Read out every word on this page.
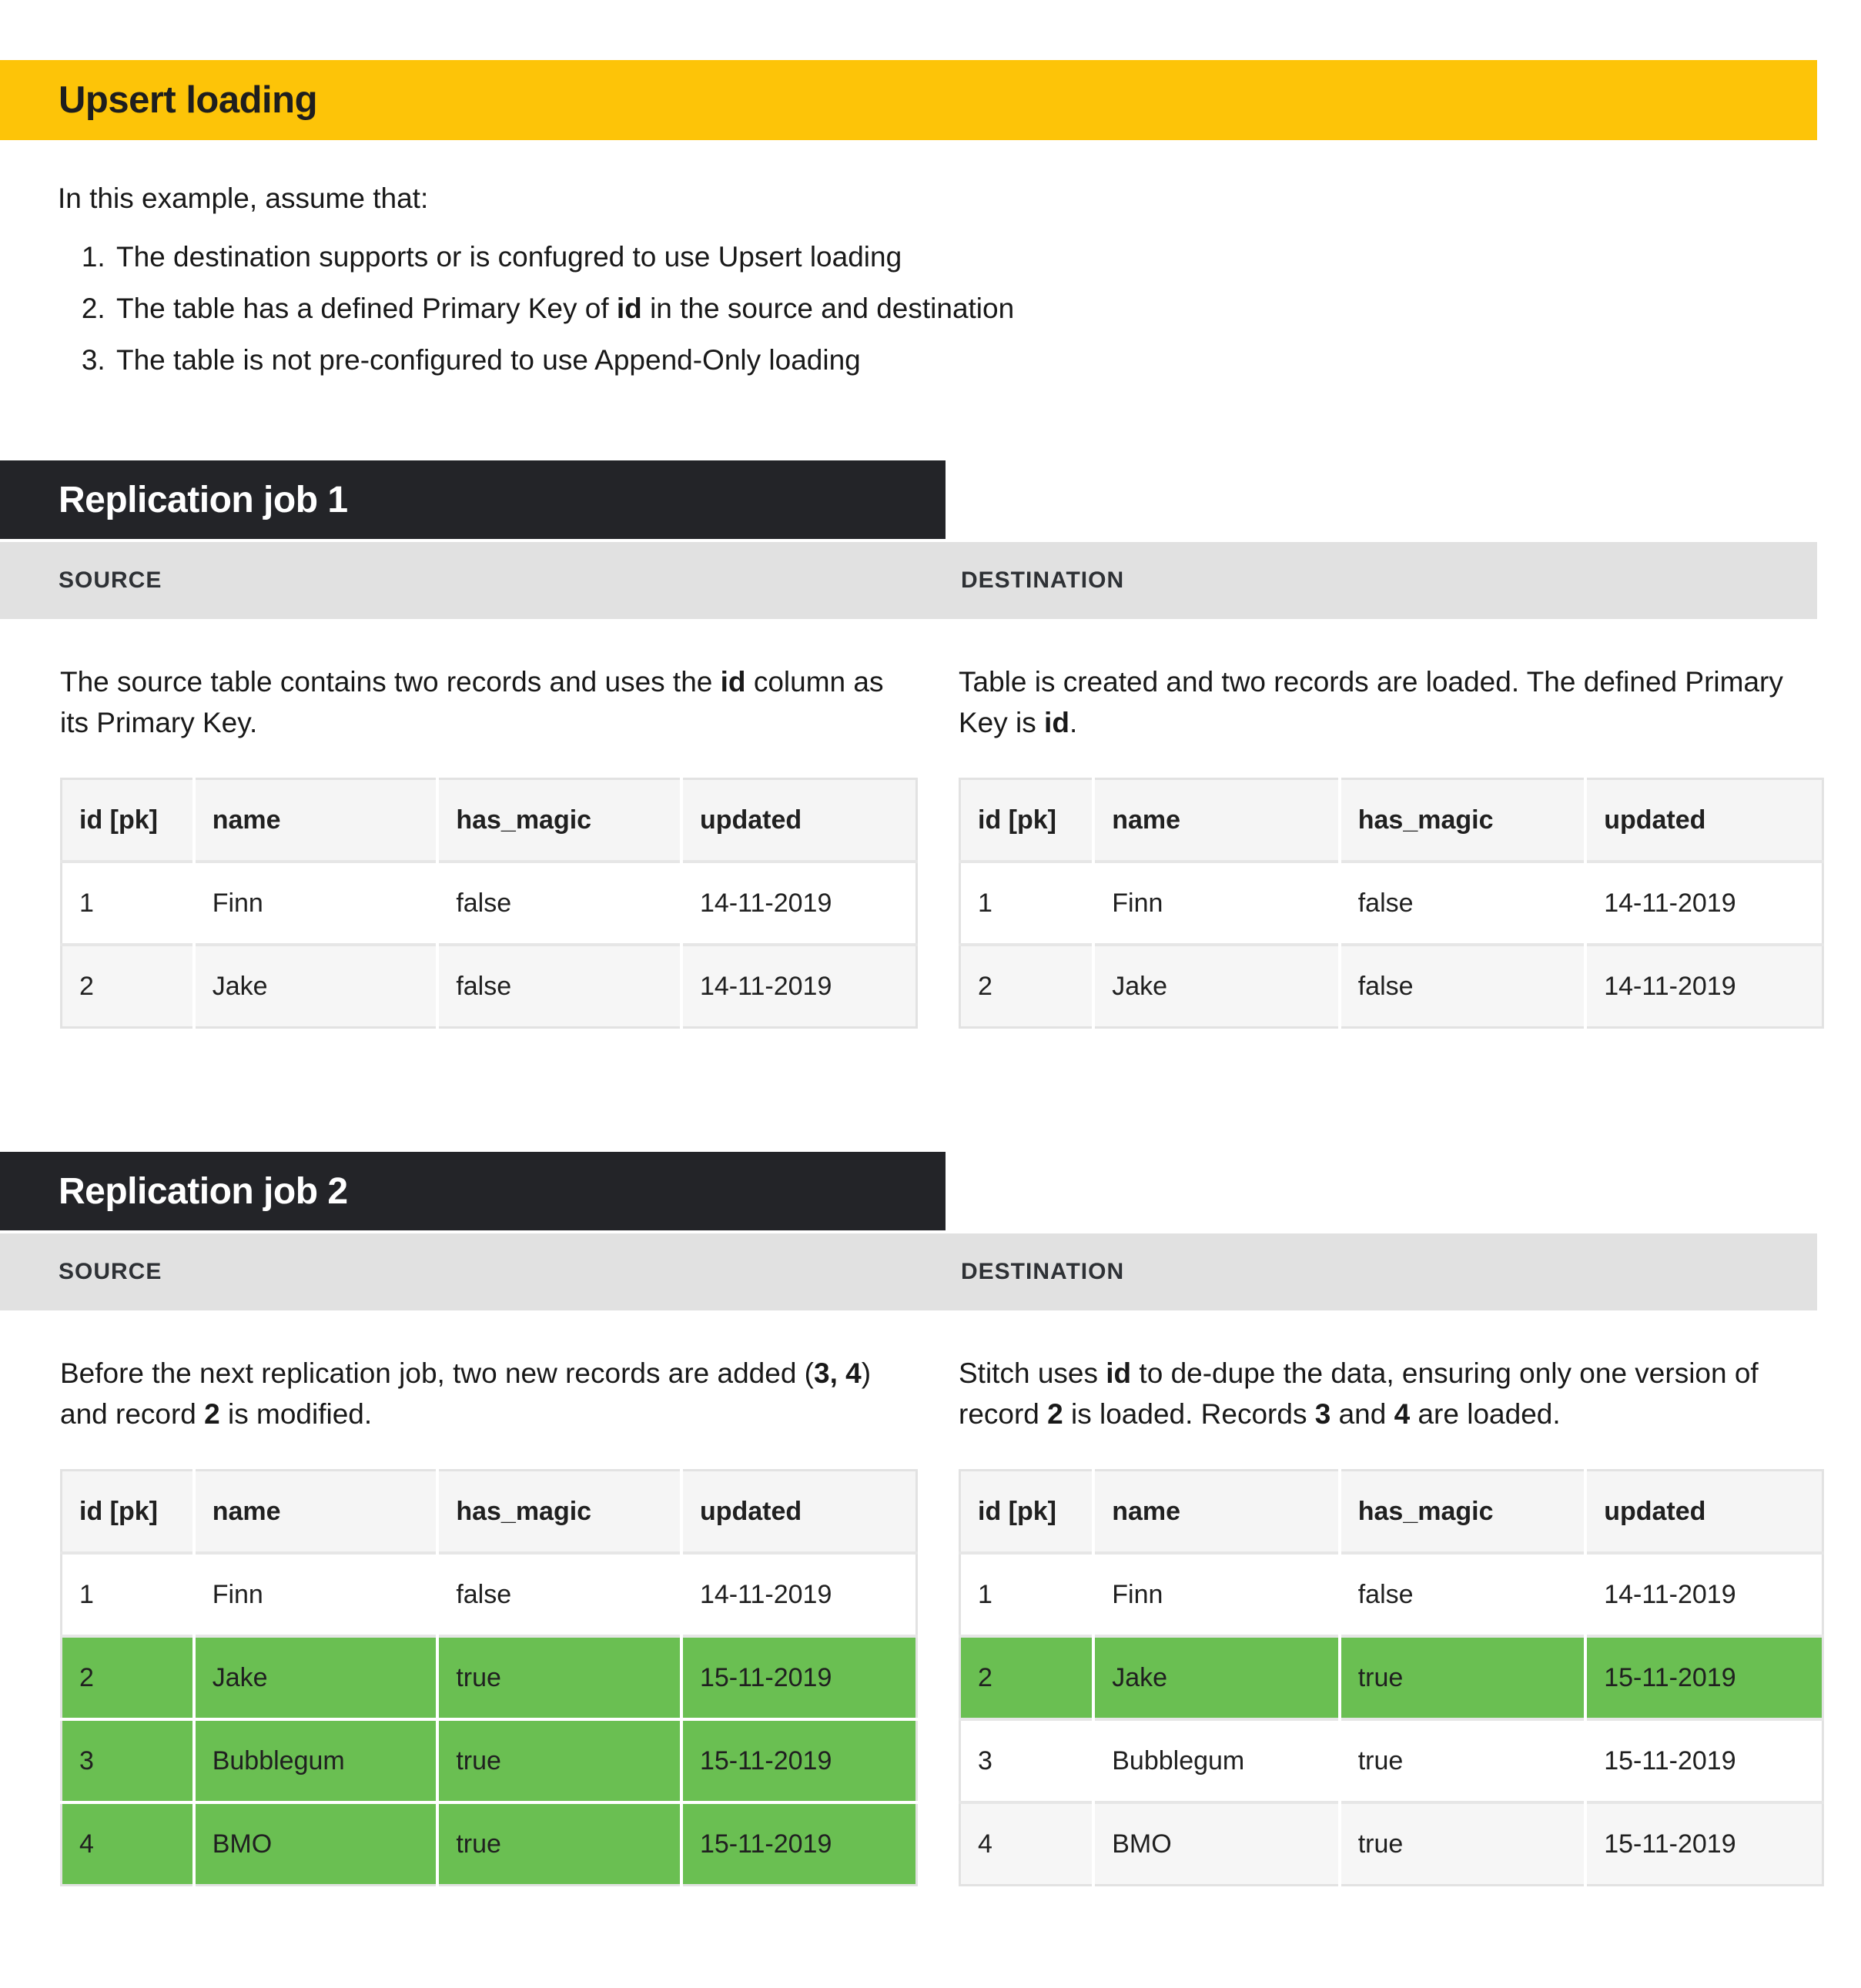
Upsert loading

In this example, assume that:

1. The destination supports or is confugred to use Upsert loading
2. The table has a defined Primary Key of id in the source and destination
3. The table is not pre-configured to use Append-Only loading
Replication job 1
SOURCE	DESTINATION

The source table contains two records and uses the id column as its Primary Key.

id [pk]	name	has_magic	updated
1	Finn	false	14-11-2019
2	Jake	false	14-11-2019

Table is created and two records are loaded. The defined Primary Key is id.

id [pk]	name	has_magic	updated
1	Finn	false	14-11-2019
2	Jake	false	14-11-2019
Replication job 2
SOURCE	DESTINATION

Before the next replication job, two new records are added (3, 4) and record 2 is modified.

id [pk]	name	has_magic	updated
1	Finn	false	14-11-2019
2	Jake	true	15-11-2019
3	Bubblegum	true	15-11-2019
4	BMO	true	15-11-2019

Stitch uses id to de-dupe the data, ensuring only one version of record 2 is loaded. Records 3 and 4 are loaded.

id [pk]	name	has_magic	updated
1	Finn	false	14-11-2019
2	Jake	true	15-11-2019
3	Bubblegum	true	15-11-2019
4	BMO	true	15-11-2019
